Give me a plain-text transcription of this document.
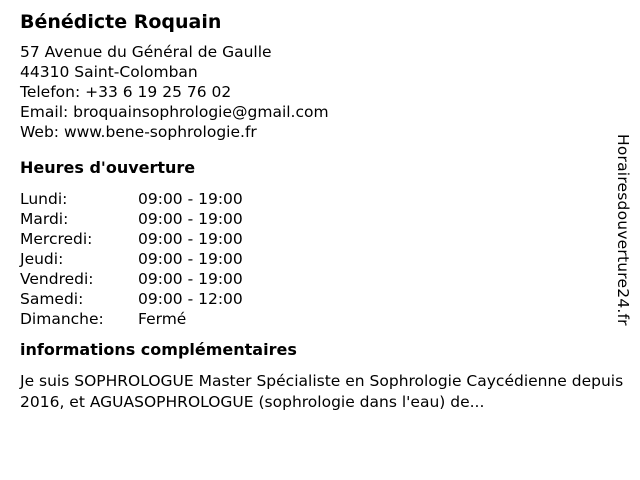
Bénédicte Roquain
57 Avenue du Général de Gaulle
44310 Saint-Colomban
Telefon: +33 6 19 25 76 02
Email: broquainsophrologie@gmail.com
Web: www.bene-sophrologie.fr
Heures d'ouverture
Lundi:	09:00 - 19:00
Mardi:	09:00 - 19:00
Mercredi:	09:00 - 19:00
Jeudi:	09:00 - 19:00
Vendredi:	09:00 - 19:00
Samedi:	09:00 - 12:00
Dimanche:	Fermé
informations complémentaires
Je suis SOPHROLOGUE Master Spécialiste en Sophrologie Caycédienne depuis 2016, et AGUASOPHROLOGUE (sophrologie dans l'eau) de...
Horairesdouverture24.fr
